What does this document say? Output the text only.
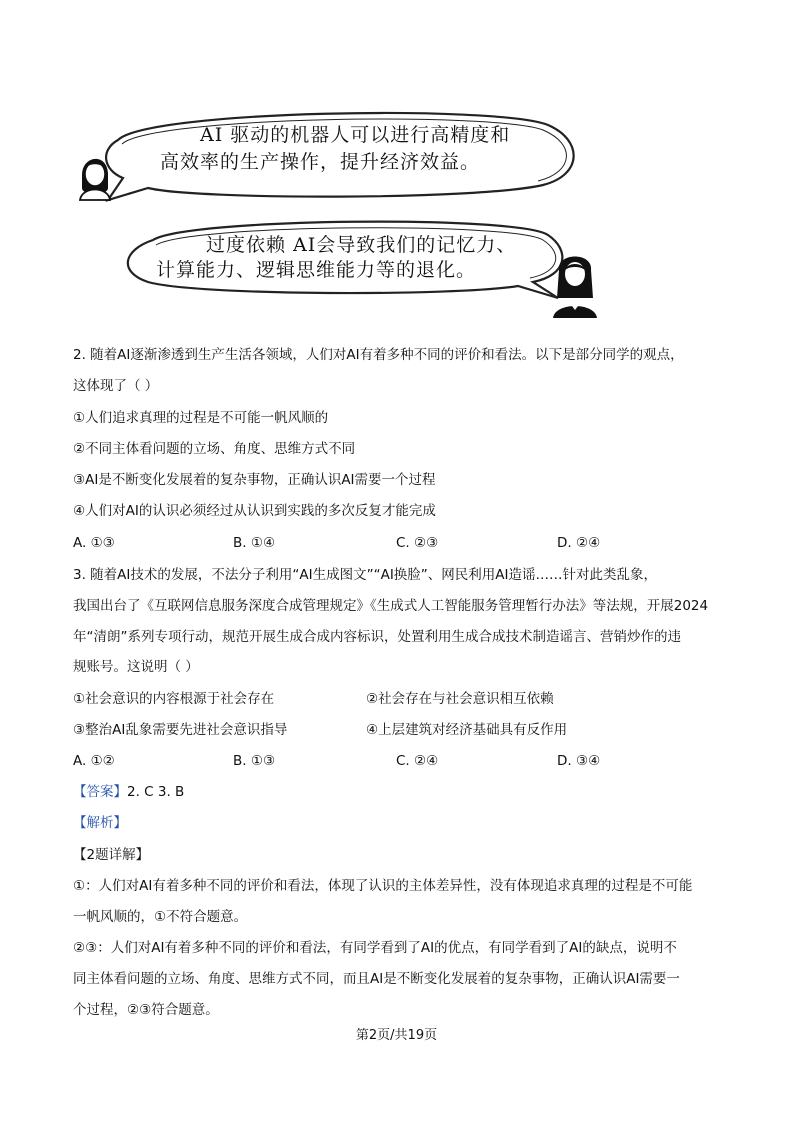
AI 驱动的机器人可以进行高精度和
高效率的生产操作，提升经济效益。
过度依赖 AI会导致我们的记忆力、
计算能力、逻辑思维能力等的退化。
2. 随着AI逐渐渗透到生产生活各领域，人们对AI有着多种不同的评价和看法。以下是部分同学的观点，
这体现了（ ）
①人们追求真理的过程是不可能一帆风顺的
②不同主体看问题的立场、角度、思维方式不同
③AI是不断变化发展着的复杂事物，正确认识AI需要一个过程
④人们对AI的认识必须经过从认识到实践的多次反复才能完成
A. ①③	B. ①④	C. ②③	D. ②④
3. 随着AI技术的发展，不法分子利用“AI生成图文”“AI换脸”、网民利用AI造谣……针对此类乱象，
我国出台了《互联网信息服务深度合成管理规定》《生成式人工智能服务管理暂行办法》等法规，开展2024
年“清朗”系列专项行动，规范开展生成合成内容标识，处置利用生成合成技术制造谣言、营销炒作的违
规账号。这说明（ ）
①社会意识的内容根源于社会存在	②社会存在与社会意识相互依赖
③整治AI乱象需要先进社会意识指导	④上层建筑对经济基础具有反作用
A. ①②	B. ①③	C. ②④	D. ③④
【答案】2. C 3. B
【解析】
【2题详解】
①：人们对AI有着多种不同的评价和看法，体现了认识的主体差异性，没有体现追求真理的过程是不可能
一帆风顺的，①不符合题意。
②③：人们对AI有着多种不同的评价和看法，有同学看到了AI的优点，有同学看到了AI的缺点，说明不
同主体看问题的立场、角度、思维方式不同，而且AI是不断变化发展着的复杂事物，正确认识AI需要一
个过程，②③符合题意。
第2页/共19页
